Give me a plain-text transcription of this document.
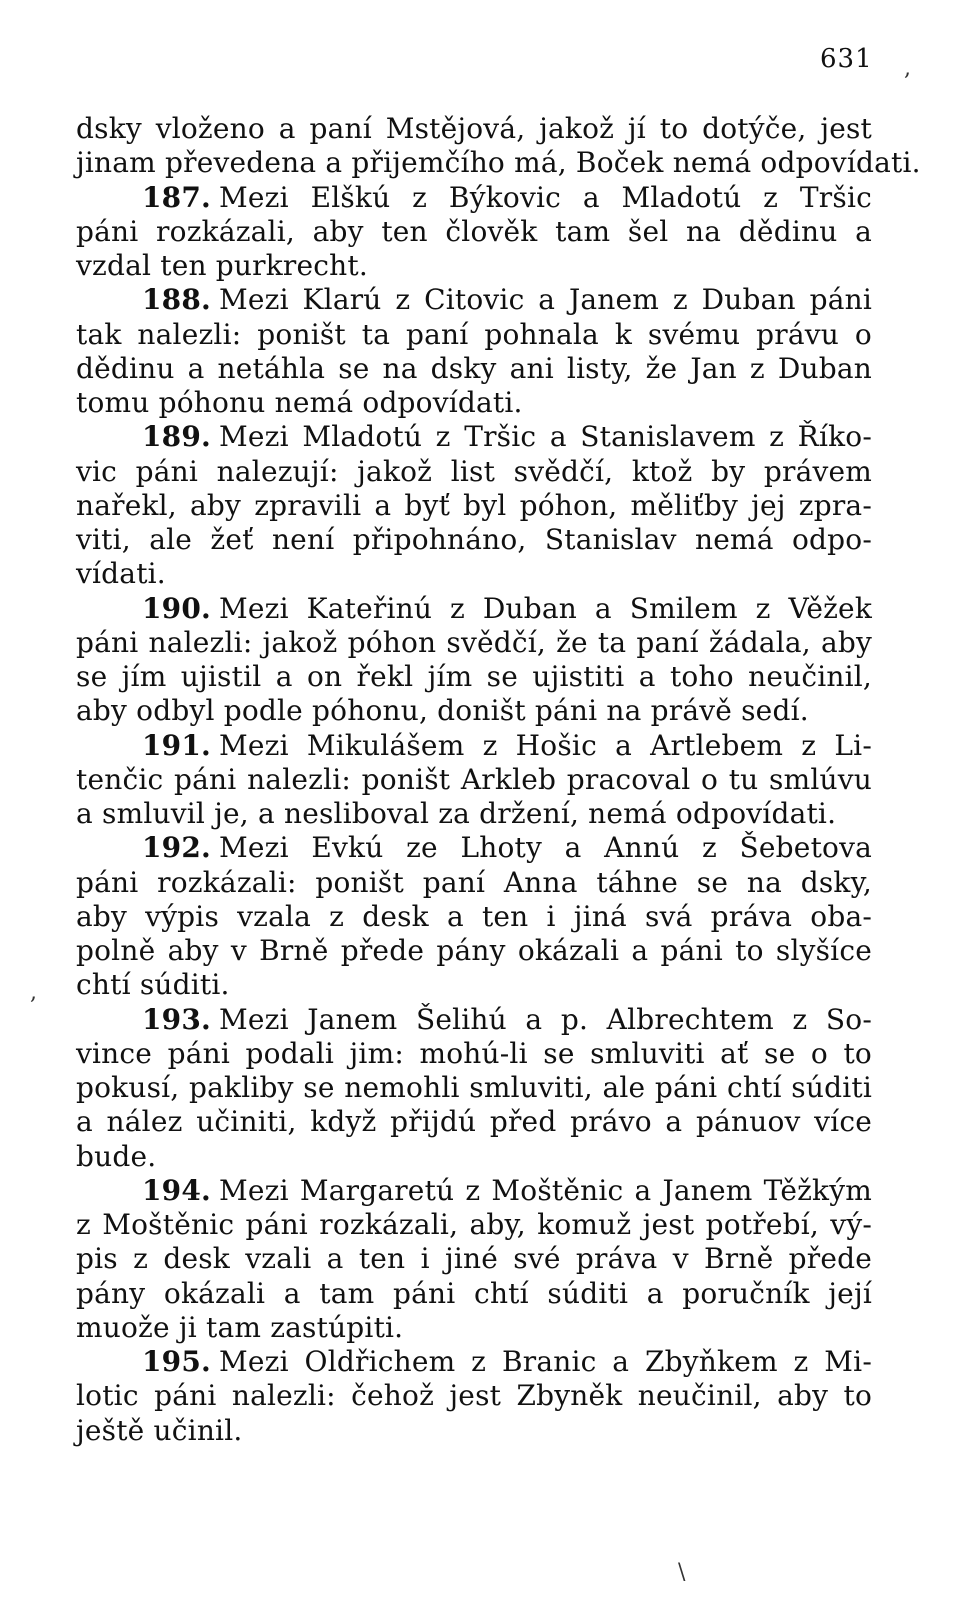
631 ,
,
\
dsky vloženo a paní Mstějová, jakož jí to dotýče, jest
jinam převedena a přijemčího má, Boček nemá odpovídati.
187. Mezi Elškú z Býkovic a Mladotú z Tršic
páni rozkázali, aby ten člověk tam šel na dědinu a
vzdal ten purkrecht.
188. Mezi Klarú z Citovic a Janem z Duban páni
tak nalezli: poništ ta paní pohnala k svému právu o
dědinu a netáhla se na dsky ani listy, že Jan z Duban
tomu póhonu nemá odpovídati.
189. Mezi Mladotú z Tršic a Stanislavem z Říko-
vic páni nalezují: jakož list svědčí, ktož by právem
nařekl, aby zpravili a byť byl póhon, měliťby jej zpra-
viti, ale žeť není připohnáno, Stanislav nemá odpo-
vídati.
190. Mezi Kateřinú z Duban a Smilem z Věžek
páni nalezli: jakož póhon svědčí, že ta paní žádala, aby
se jím ujistil a on řekl jím se ujistiti a toho neučinil,
aby odbyl podle póhonu, doništ páni na právě sedí.
191. Mezi Mikulášem z Hošic a Artlebem z Li-
tenčic páni nalezli: poništ Arkleb pracoval o tu smlúvu
a smluvil je, a nesliboval za držení, nemá odpovídati.
192. Mezi Evkú ze Lhoty a Annú z Šebetova
páni rozkázali: poništ paní Anna táhne se na dsky,
aby výpis vzala z desk a ten i jiná svá práva oba-
polně aby v Brně přede pány okázali a páni to slyšíce
chtí súditi.
193. Mezi Janem Šelihú a p. Albrechtem z So-
vince páni podali jim: mohú-li se smluviti ať se o to
pokusí, pakliby se nemohli smluviti, ale páni chtí súditi
a nález učiniti, když přijdú před právo a pánuov více
bude.
194. Mezi Margaretú z Moštěnic a Janem Těžkým
z Moštěnic páni rozkázali, aby, komuž jest potřebí, vý-
pis z desk vzali a ten i jiné své práva v Brně přede
pány okázali a tam páni chtí súditi a poručník její
muože ji tam zastúpiti.
195. Mezi Oldřichem z Branic a Zbyňkem z Mi-
lotic páni nalezli: čehož jest Zbyněk neučinil, aby to
ještě učinil.
